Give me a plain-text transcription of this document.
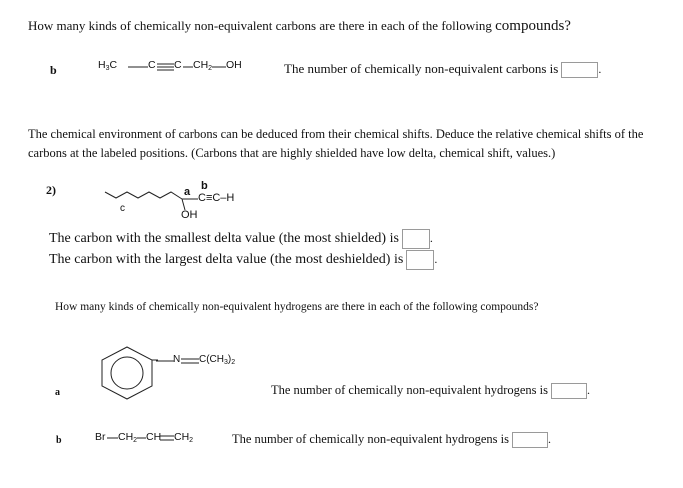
How many kinds of chemically non-equivalent carbons are there in each of the following compounds?
b	$H_3C$	C C $CH_2$ OH	The number of chemically non-equivalent carbons is	.
The chemical environment of carbons can be deduced from their chemical shifts. Deduce the relative chemical shifts of the carbons at the labeled positions. (Carbons that are highly shielded have low delta, chemical shift, values.)
2)
c
a b
C≡C–H
OH
The carbon with the smallest delta value (the most shielded) is	.
The carbon with the largest delta value (the most deshielded) is	.
How many kinds of chemically non-equivalent hydrogens are there in each of the following compounds?
N $C(CH_3)_2$
a	The number of chemically non-equivalent hydrogens is	.
b	Br $CH_2$ CH $CH_2$	The number of chemically non-equivalent hydrogens is	.
